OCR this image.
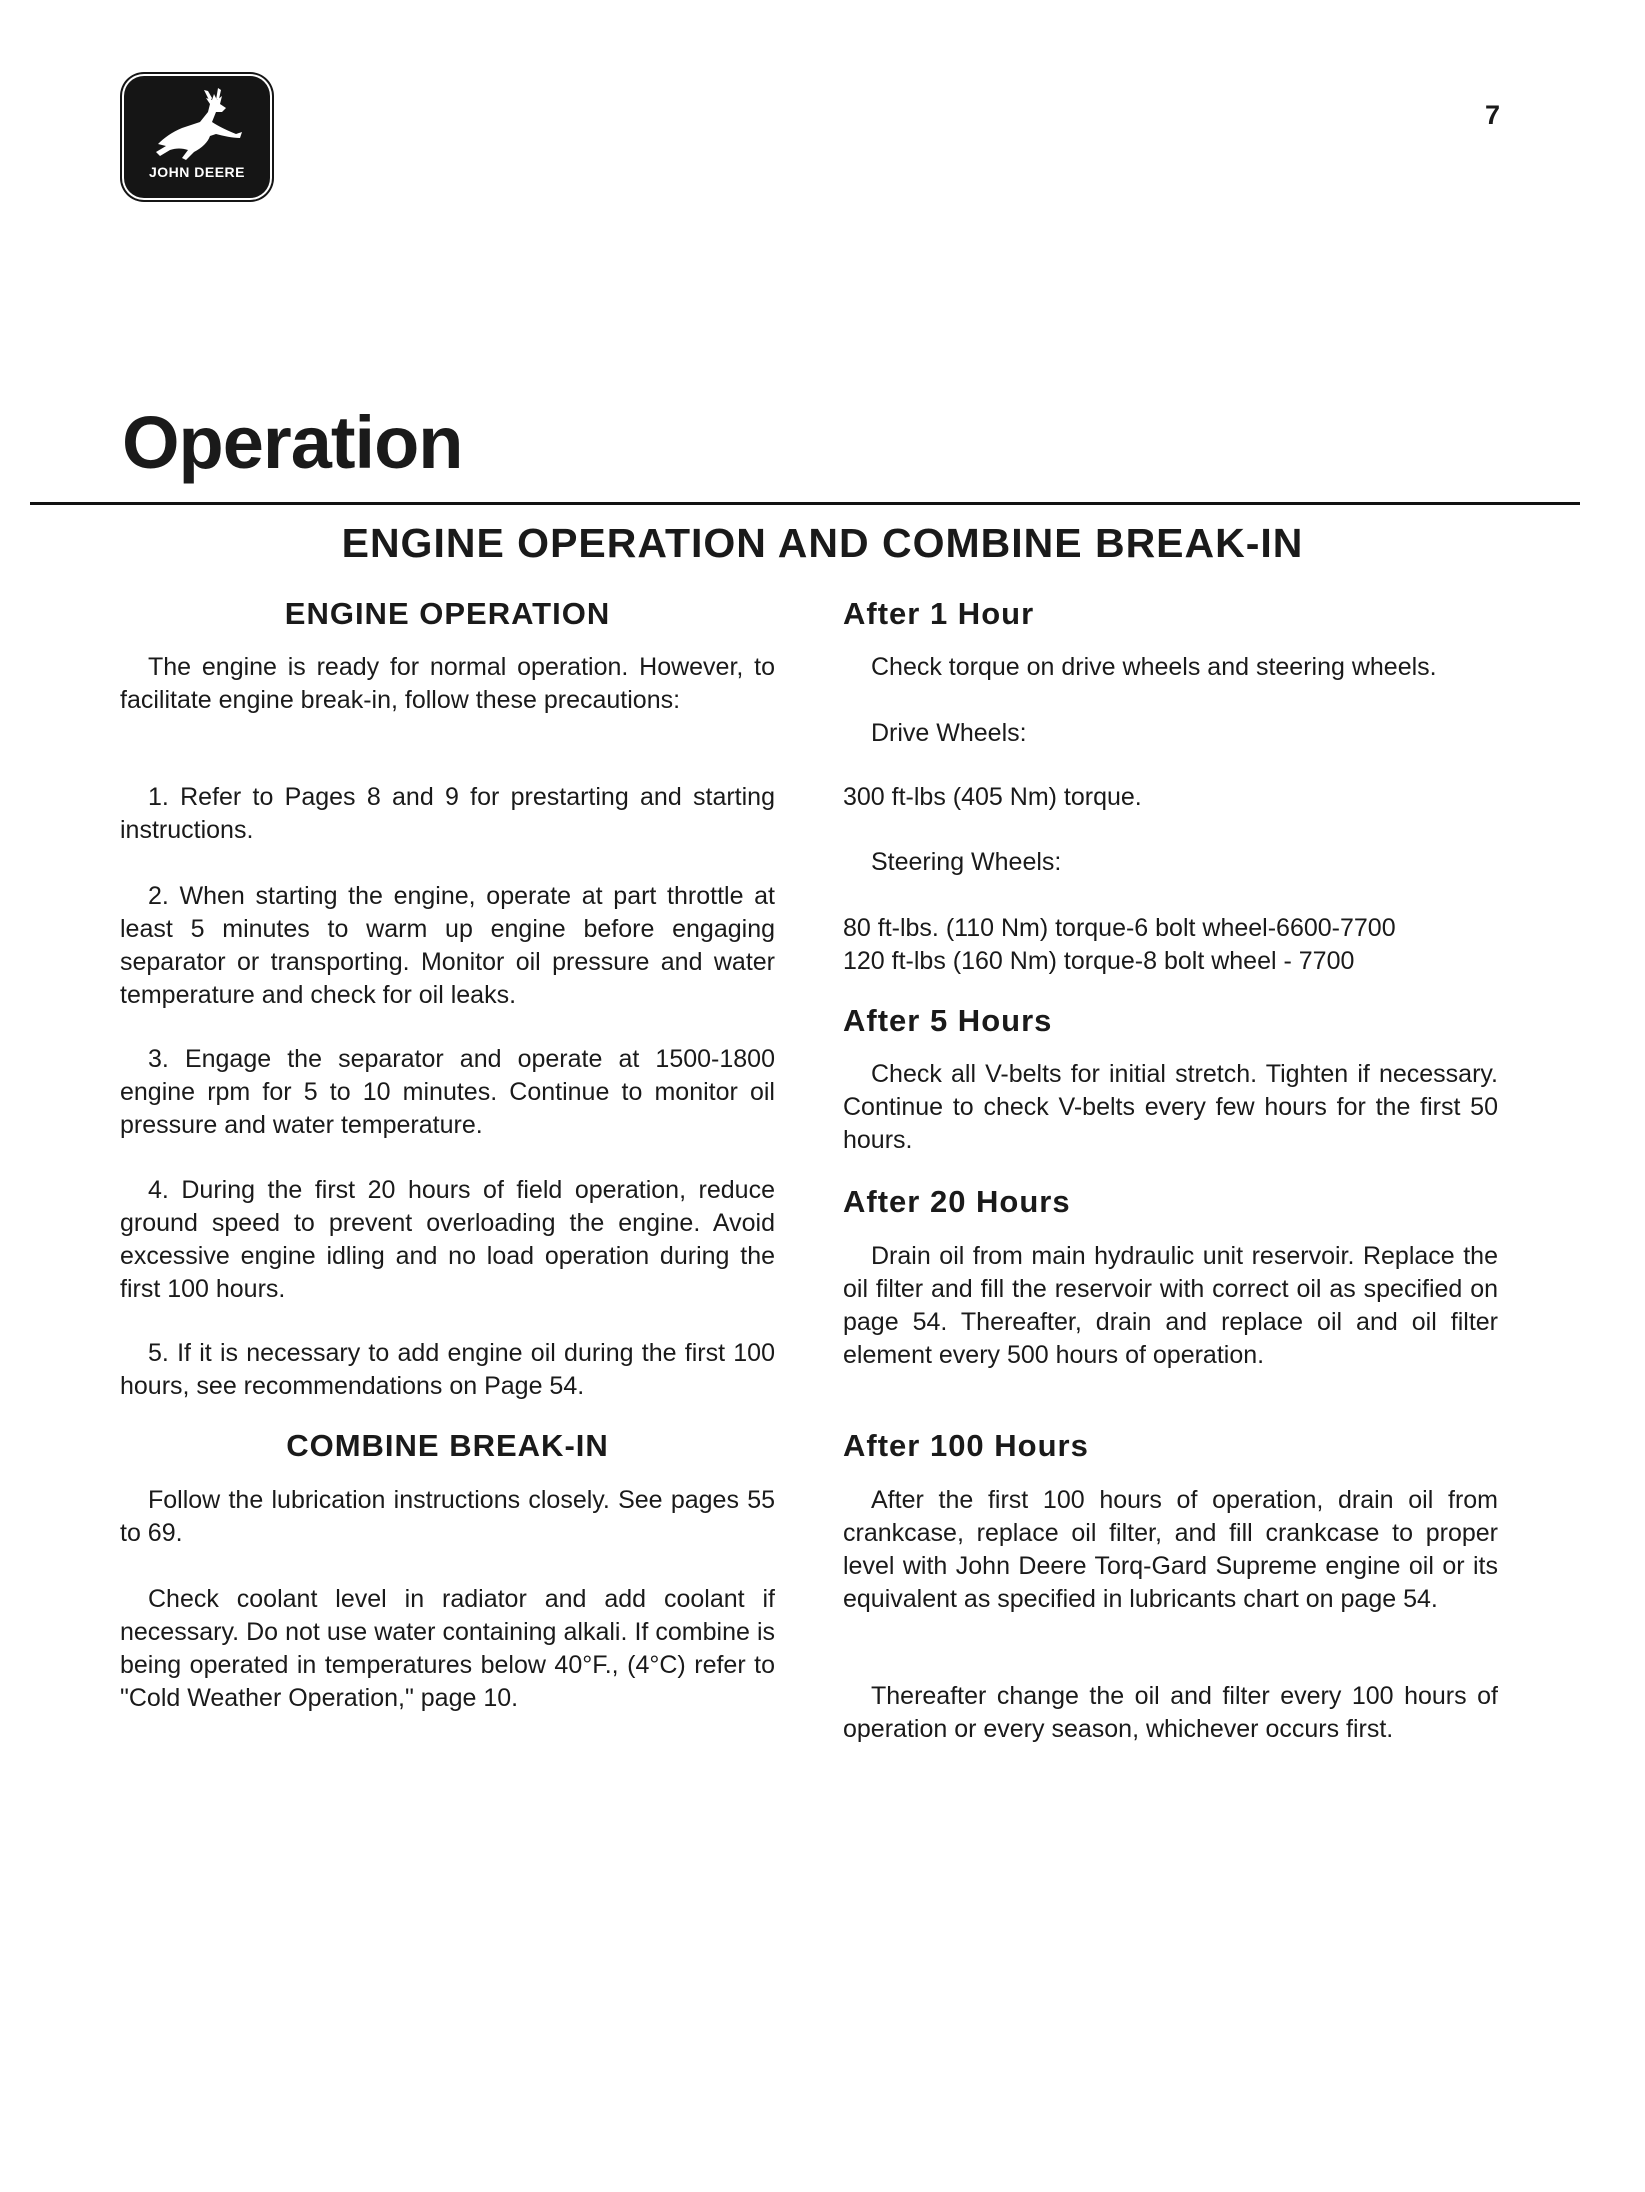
JOHN DEERE
7
Operation
ENGINE OPERATION AND COMBINE BREAK-IN
ENGINE OPERATION

The engine is ready for normal operation. However, to facilitate engine break-in, follow these precautions:

1. Refer to Pages 8 and 9 for prestarting and starting instructions.

2. When starting the engine, operate at part throttle at least 5 minutes to warm up engine before engaging separator or transporting. Monitor oil pressure and water temperature and check for oil leaks.

3. Engage the separator and operate at 1500-1800 engine rpm for 5 to 10 minutes. Continue to monitor oil pressure and water temperature.

4. During the first 20 hours of field operation, reduce ground speed to prevent overloading the engine. Avoid excessive engine idling and no load operation during the first 100 hours.

5. If it is necessary to add engine oil during the first 100 hours, see recommendations on Page 54.

COMBINE BREAK-IN

Follow the lubrication instructions closely. See pages 55 to 69.

Check coolant level in radiator and add coolant if necessary. Do not use water containing alkali. If combine is being operated in temperatures below 40°F., (4°C) refer to "Cold Weather Operation," page 10.

After 1 Hour

Check torque on drive wheels and steering wheels.

Drive Wheels:

300 ft-lbs (405 Nm) torque.

Steering Wheels:

80 ft-lbs. (110 Nm) torque-6 bolt wheel-6600-7700

120 ft-lbs (160 Nm) torque-8 bolt wheel - 7700

After 5 Hours

Check all V-belts for initial stretch. Tighten if necessary. Continue to check V-belts every few hours for the first 50 hours.

After 20 Hours

Drain oil from main hydraulic unit reservoir. Replace the oil filter and fill the reservoir with correct oil as specified on page 54. Thereafter, drain and replace oil and oil filter element every 500 hours of operation.

After 100 Hours

After the first 100 hours of operation, drain oil from crankcase, replace oil filter, and fill crankcase to proper level with John Deere Torq-Gard Supreme engine oil or its equivalent as specified in lubricants chart on page 54.

Thereafter change the oil and filter every 100 hours of operation or every season, whichever occurs first.
